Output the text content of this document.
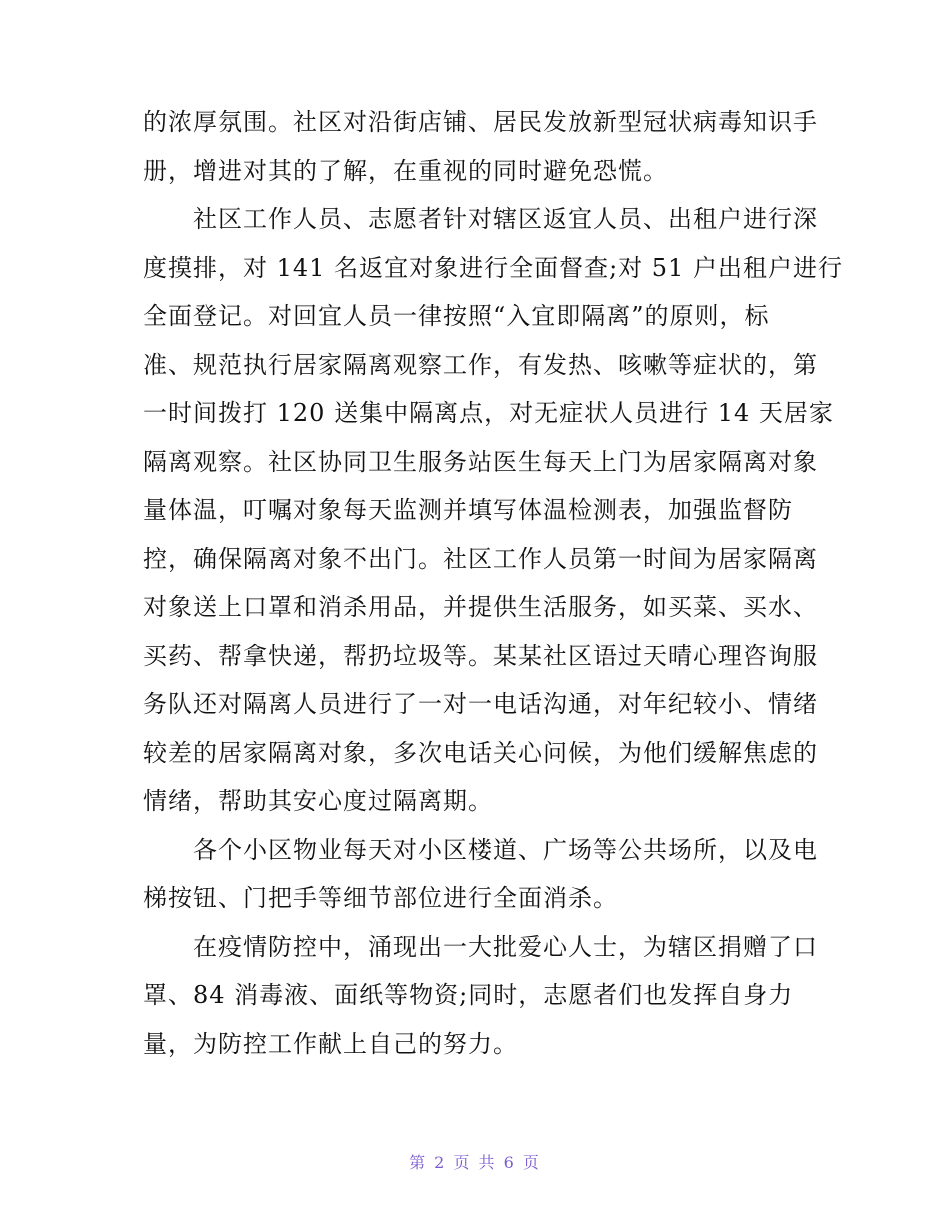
的浓厚氛围。社区对沿街店铺、居民发放新型冠状病毒知识手
册，增进对其的了解，在重视的同时避免恐慌。
　　社区工作人员、志愿者针对辖区返宜人员、出租户进行深
度摸排，对 141 名返宜对象进行全面督查;对 51 户出租户进行
全面登记。对回宜人员一律按照“入宜即隔离”的原则，标
准、规范执行居家隔离观察工作，有发热、咳嗽等症状的，第
一时间拨打 120 送集中隔离点，对无症状人员进行 14 天居家
隔离观察。社区协同卫生服务站医生每天上门为居家隔离对象
量体温，叮嘱对象每天监测并填写体温检测表，加强监督防
控，确保隔离对象不出门。社区工作人员第一时间为居家隔离
对象送上口罩和消杀用品，并提供生活服务，如买菜、买水、
买药、帮拿快递，帮扔垃圾等。某某社区语过天晴心理咨询服
务队还对隔离人员进行了一对一电话沟通，对年纪较小、情绪
较差的居家隔离对象，多次电话关心问候，为他们缓解焦虑的
情绪，帮助其安心度过隔离期。
　　各个小区物业每天对小区楼道、广场等公共场所，以及电
梯按钮、门把手等细节部位进行全面消杀。
　　在疫情防控中，涌现出一大批爱心人士，为辖区捐赠了口
罩、84 消毒液、面纸等物资;同时，志愿者们也发挥自身力
量，为防控工作献上自己的努力。
第 2 页 共 6 页
